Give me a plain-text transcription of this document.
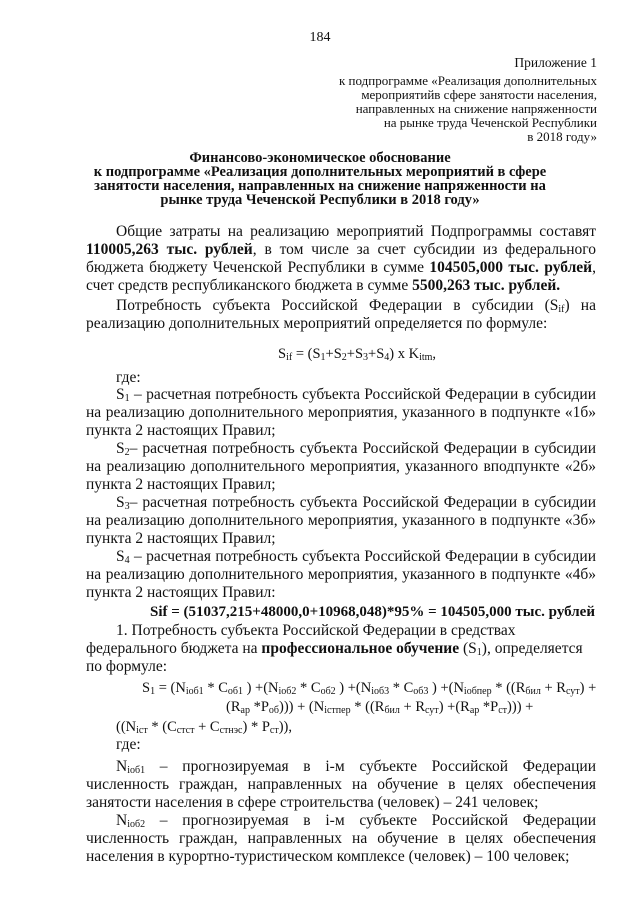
184
Приложение 1
к подпрограмме «Реализация дополнительных
мероприятийв сфере занятости населения,
направленных на снижение напряженности
на рынке труда Чеченской Республики
в 2018 году»
Финансово-экономическое обоснование
к подпрограмме «Реализация дополнительных мероприятий в сфере
занятости населения, направленных на снижение напряженности на
рынке труда Чеченской Республики в 2018 году»
Общие затраты на реализацию мероприятий Подпрограммы составят
110005,263 тыс. рублей, в том числе за счет субсидии из федерального
бюджета бюджету Чеченской Республики в сумме 104505,000 тыс. рублей,
счет средств республиканского бюджета в сумме 5500,263 тыс. рублей.
Потребность субъекта Российской Федерации в субсидии $(S_{if})$ на
реализацию дополнительных мероприятий определяется по формуле:
$S_{if} = (S_1+S_2+S_3+S_4)$ x $K_{itm}$,
где:
$S_1$ – расчетная потребность субъекта Российской Федерации в субсидии
на реализацию дополнительного мероприятия, указанного в подпункте «1б»
пункта 2 настоящих Правил;
$S_2-$ расчетная потребность субъекта Российской Федерации в субсидии
на реализацию дополнительного мероприятия, указанного вподпункте «2б»
пункта 2 настоящих Правил;
$S_3-$ расчетная потребность субъекта Российской Федерации в субсидии
на реализацию дополнительного мероприятия, указанного в подпункте «3б»
пункта 2 настоящих Правил;
$S_4$ – расчетная потребность субъекта Российской Федерации в субсидии
на реализацию дополнительного мероприятия, указанного в подпункте «4б»
пункта 2 настоящих Правил:
Sif = (51037,215+48000,0+10968,048)*95% = 104505,000 тыс. рублей
1. Потребность субъекта Российской Федерации в средствах
федерального бюджета на профессиональное обучение $(S_1)$, определяется
по формуле:
$S_1 = (N_{iоб1} * C_{об1}$ ) $+(N_{iоб2} * C_{об2}$ ) $+(N_{iоб3} * C_{об3}$ ) $+(N_{iобпер} * ((R_{бил} + R_{сут})$ +
($R_{ар}$ $*P_{об}))) + (N_{iстпер} * ((R_{бил} + R_{сут}) +(R_{ар}$ $*P_{ст}$))) +
$((N_{iст} * (C_{стст} + C_{стнэс}) * P_{ст}))$,
где:
$N_{iоб1}$ – прогнозируемая в i-м субъекте Российской Федерации
численность граждан, направленных на обучение в целях обеспечения
занятости населения в сфере строительства (человек) – 241 человек;
$N_{iоб2}$ – прогнозируемая в i-м субъекте Российской Федерации
численность граждан, направленных на обучение в целях обеспечения
населения в курортно-туристическом комплексе (человек) – 100 человек;
